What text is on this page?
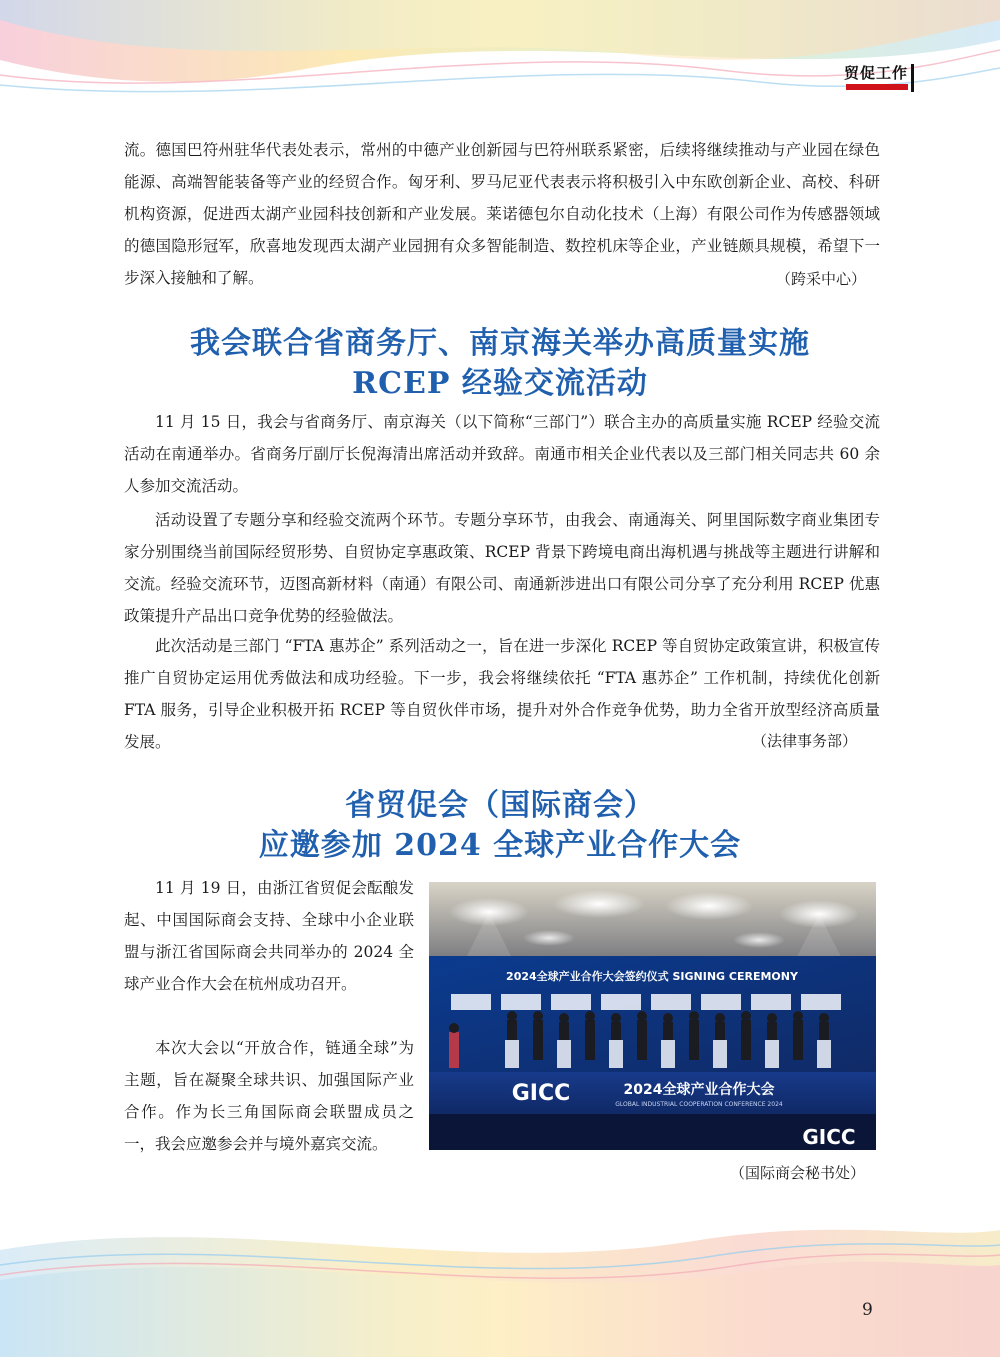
贸促工作

流。德国巴符州驻华代表处表示，常州的中德产业创新园与巴符州联系紧密，后续将继续推动与产业园在绿色能源、高端智能装备等产业的经贸合作。匈牙利、罗马尼亚代表表示将积极引入中东欧创新企业、高校、科研机构资源，促进西太湖产业园科技创新和产业发展。莱诺德包尔自动化技术（上海）有限公司作为传感器领域的德国隐形冠军，欣喜地发现西太湖产业园拥有众多智能制造、数控机床等企业，产业链颇具规模，希望下一步深入接触和了解。	（跨采中心）
我会联合省商务厅、南京海关举办高质量实施
RCEP 经验交流活动

11 月 15 日，我会与省商务厅、南京海关（以下简称“三部门”）联合主办的高质量实施 RCEP 经验交流活动在南通举办。省商务厅副厅长倪海清出席活动并致辞。南通市相关企业代表以及三部门相关同志共 60 余人参加交流活动。

活动设置了专题分享和经验交流两个环节。专题分享环节，由我会、南通海关、阿里国际数字商业集团专家分别围绕当前国际经贸形势、自贸协定享惠政策、RCEP 背景下跨境电商出海机遇与挑战等主题进行讲解和交流。经验交流环节，迈图高新材料（南通）有限公司、南通新涉进出口有限公司分享了充分利用 RCEP 优惠政策提升产品出口竞争优势的经验做法。

此次活动是三部门 “FTA 惠苏企” 系列活动之一，旨在进一步深化 RCEP 等自贸协定政策宣讲，积极宣传推广自贸协定运用优秀做法和成功经验。下一步，我会将继续依托 “FTA 惠苏企” 工作机制，持续优化创新 FTA 服务，引导企业积极开拓 RCEP 等自贸伙伴市场，提升对外合作竞争优势，助力全省开放型经济高质量发展。	（法律事务部）
省贸促会（国际商会）
应邀参加 2024 全球产业合作大会

11 月 19 日，由浙江省贸促会酝酿发起、中国国际商会支持、全球中小企业联盟与浙江省国际商会共同举办的 2024 全球产业合作大会在杭州成功召开。

本次大会以“开放合作，链通全球”为主题，旨在凝聚全球共识、加强国际产业合作。作为长三角国际商会联盟成员之一，我会应邀参会并与境外嘉宾交流。

2024全球产业合作大会签约仪式 SIGNING CEREMONY
GICC	2024全球产业合作大会
GLOBAL INDUSTRIAL COOPERATION CONFERENCE 2024
GICC
（国际商会秘书处）
9
